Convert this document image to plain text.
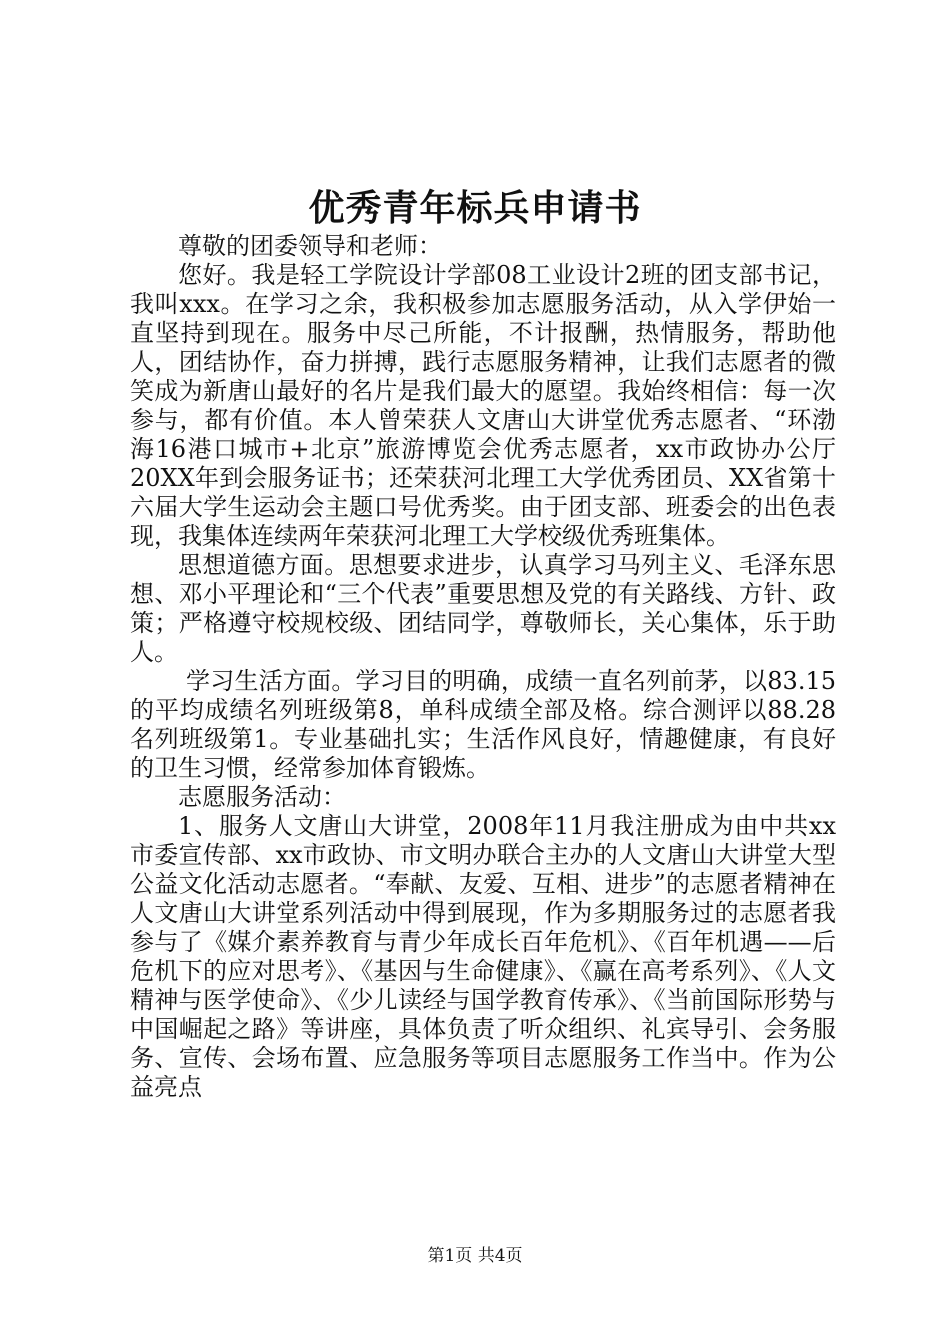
优秀青年标兵申请书

尊敬的团委领导和老师：

您好。我是轻工学院设计学部08工业设计2班的团支部书记，我叫xxx。在学习之余，我积极参加志愿服务活动，从入学伊始一直坚持到现在。服务中尽己所能，不计报酬，热情服务，帮助他人，团结协作，奋力拼搏，践行志愿服务精神，让我们志愿者的微笑成为新唐山最好的名片是我们最大的愿望。我始终相信：每一次参与，都有价值。本人曾荣获人文唐山大讲堂优秀志愿者、“环渤海16港口城市+北京”旅游博览会优秀志愿者，xx市政协办公厅20XX年到会服务证书；还荣获河北理工大学优秀团员、XX省第十六届大学生运动会主题口号优秀奖。由于团支部、班委会的出色表现，我集体连续两年荣获河北理工大学校级优秀班集体。

思想道德方面。思想要求进步，认真学习马列主义、毛泽东思想、邓小平理论和“三个代表”重要思想及党的有关路线、方针、政策；严格遵守校规校级、团结同学，尊敬师长，关心集体，乐于助人。

学习生活方面。学习目的明确，成绩一直名列前茅，以83.15的平均成绩名列班级第8，单科成绩全部及格。综合测评以88.28名列班级第1。专业基础扎实；生活作风良好，情趣健康，有良好的卫生习惯，经常参加体育锻炼。

志愿服务活动：

1、服务人文唐山大讲堂，2008年11月我注册成为由中共xx市委宣传部、xx市政协、市文明办联合主办的人文唐山大讲堂大型公益文化活动志愿者。“奉献、友爱、互相、进步”的志愿者精神在人文唐山大讲堂系列活动中得到展现，作为多期服务过的志愿者我参与了《媒介素养教育与青少年成长百年危机》、《百年机遇——后危机下的应对思考》、《基因与生命健康》、《赢在高考系列》、《人文精神与医学使命》、《少儿读经与国学教育传承》、《当前国际形势与中国崛起之路》等讲座，具体负责了听众组织、礼宾导引、会务服务、宣传、会场布置、应急服务等项目志愿服务工作当中。作为公益亮点

第1页 共4页
